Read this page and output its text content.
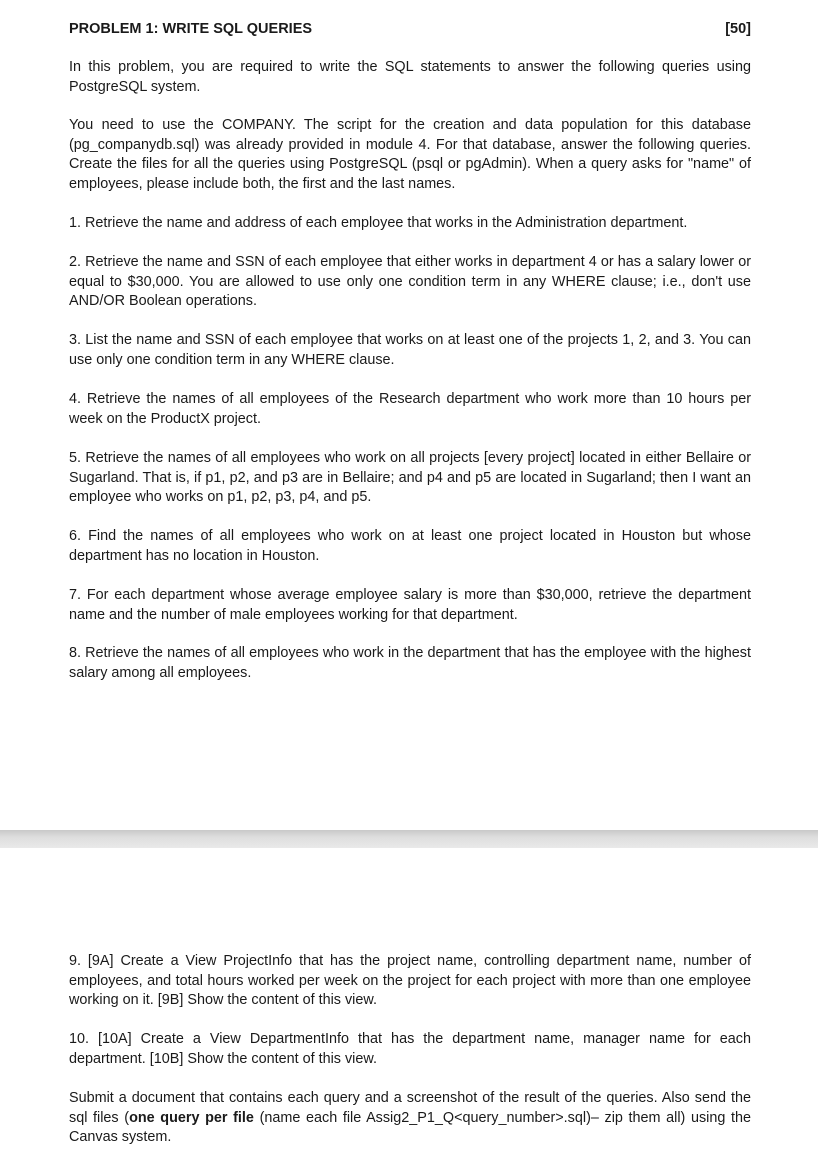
PROBLEM 1: WRITE SQL QUERIES	[50]

In this problem, you are required to write the SQL statements to answer the following queries using PostgreSQL system.

You need to use the COMPANY. The script for the creation and data population for this database (pg_companydb.sql) was already provided in module 4. For that database, answer the following queries. Create the files for all the queries using PostgreSQL (psql or pgAdmin). When a query asks for "name" of employees, please include both, the first and the last names.

1. Retrieve the name and address of each employee that works in the Administration department.

2. Retrieve the name and SSN of each employee that either works in department 4 or has a salary lower or equal to $30,000. You are allowed to use only one condition term in any WHERE clause; i.e., don't use AND/OR Boolean operations.

3. List the name and SSN of each employee that works on at least one of the projects 1, 2, and 3. You can use only one condition term in any WHERE clause.

4. Retrieve the names of all employees of the Research department who work more than 10 hours per week on the ProductX project.

5. Retrieve the names of all employees who work on all projects [every project] located in either Bellaire or Sugarland. That is, if p1, p2, and p3 are in Bellaire; and p4 and p5 are located in Sugarland; then I want an employee who works on p1, p2, p3, p4, and p5.

6. Find the names of all employees who work on at least one project located in Houston but whose department has no location in Houston.

7. For each department whose average employee salary is more than $30,000, retrieve the department name and the number of male employees working for that department.

8. Retrieve the names of all employees who work in the department that has the employee with the highest salary among all employees.

9. [9A] Create a View ProjectInfo that has the project name, controlling department name, number of employees, and total hours worked per week on the project for each project with more than one employee working on it. [9B] Show the content of this view.

10. [10A] Create a View DepartmentInfo that has the department name, manager name for each department. [10B] Show the content of this view.

Submit a document that contains each query and a screenshot of the result of the queries. Also send the sql files (one query per file (name each file Assig2_P1_Q<query_number>.sql)– zip them all) using the Canvas system.
